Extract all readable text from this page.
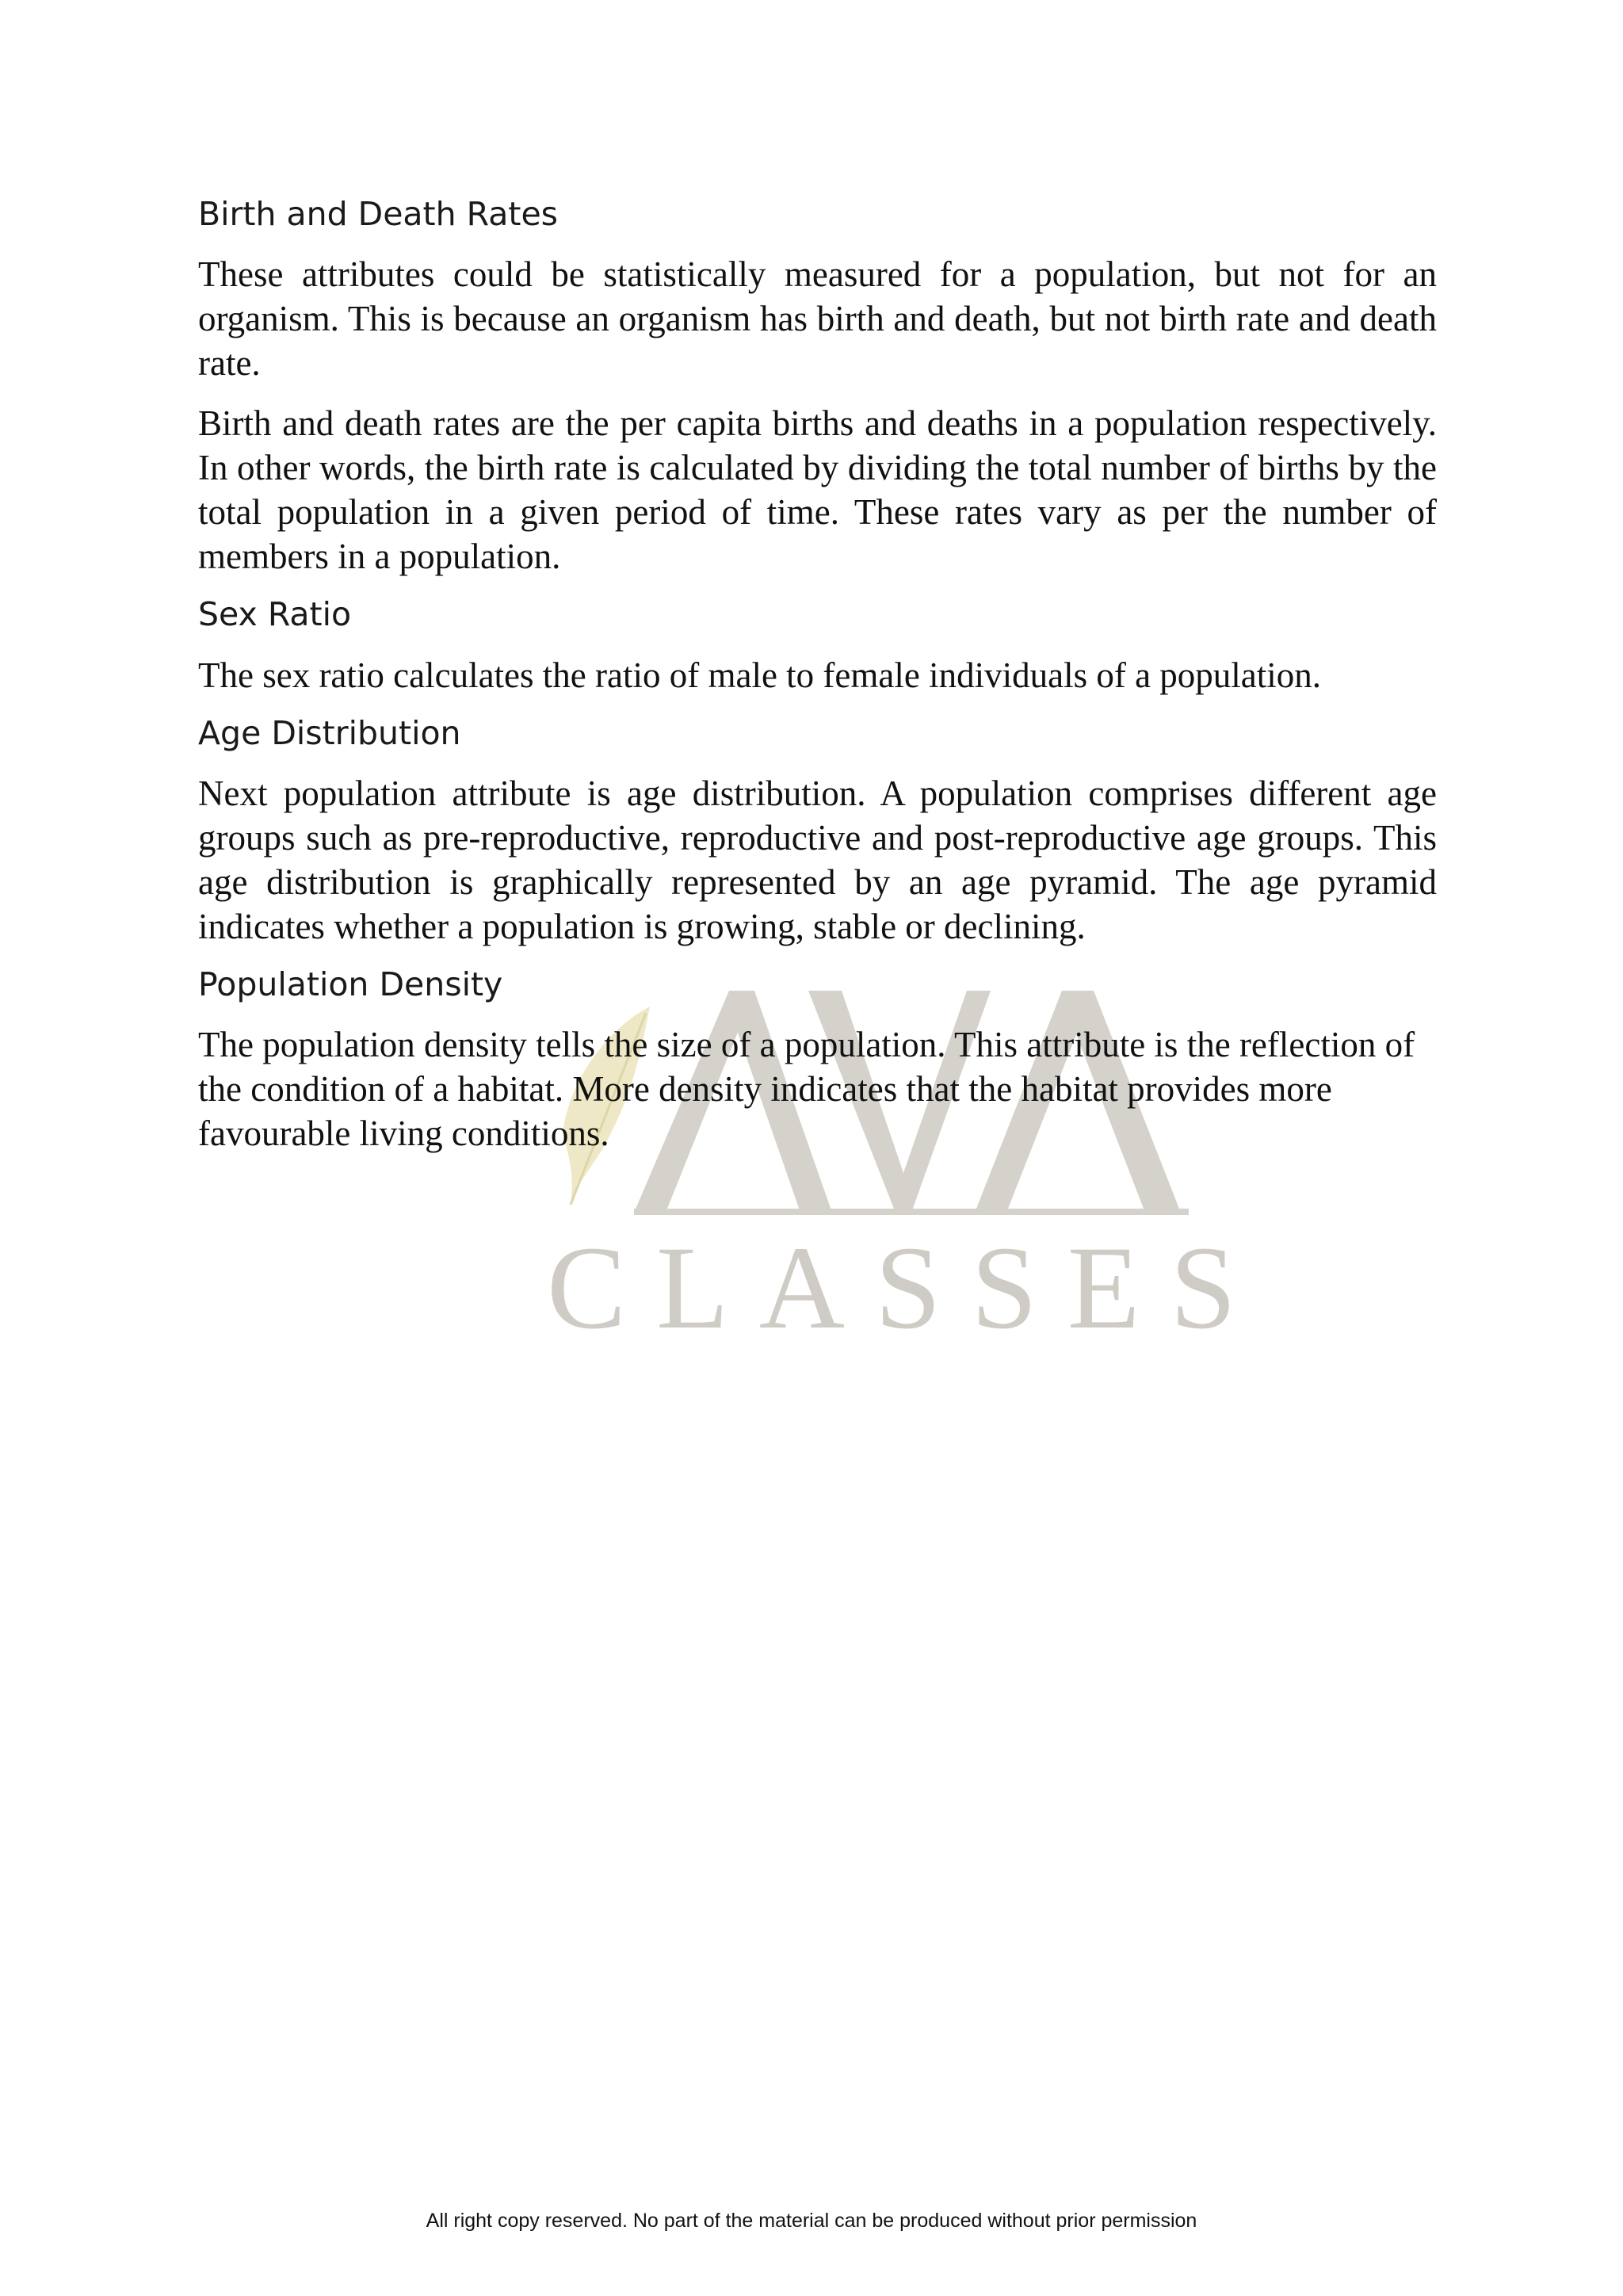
CLASSES
Birth and Death Rates

These attributes could be statistically measured for a population, but not for an organism. This is because an organism has birth and death, but not birth rate and death rate.

Birth and death rates are the per capita births and deaths in a population respectively. In other words, the birth rate is calculated by dividing the total number of births by the total population in a given period of time. These rates vary as per the number of members in a population.

Sex Ratio

The sex ratio calculates the ratio of male to female individuals of a population.

Age Distribution

Next population attribute is age distribution. A population comprises different age groups such as pre-reproductive, reproductive and post-reproductive age groups. This age distribution is graphically represented by an age pyramid. The age pyramid indicates whether a population is growing, stable or declining.

Population Density

The population density tells the size of a population. This attribute is the reflection of the condition of a habitat. More density indicates that the habitat provides more favourable living conditions.

All right copy reserved. No part of the material can be produced without prior permission
